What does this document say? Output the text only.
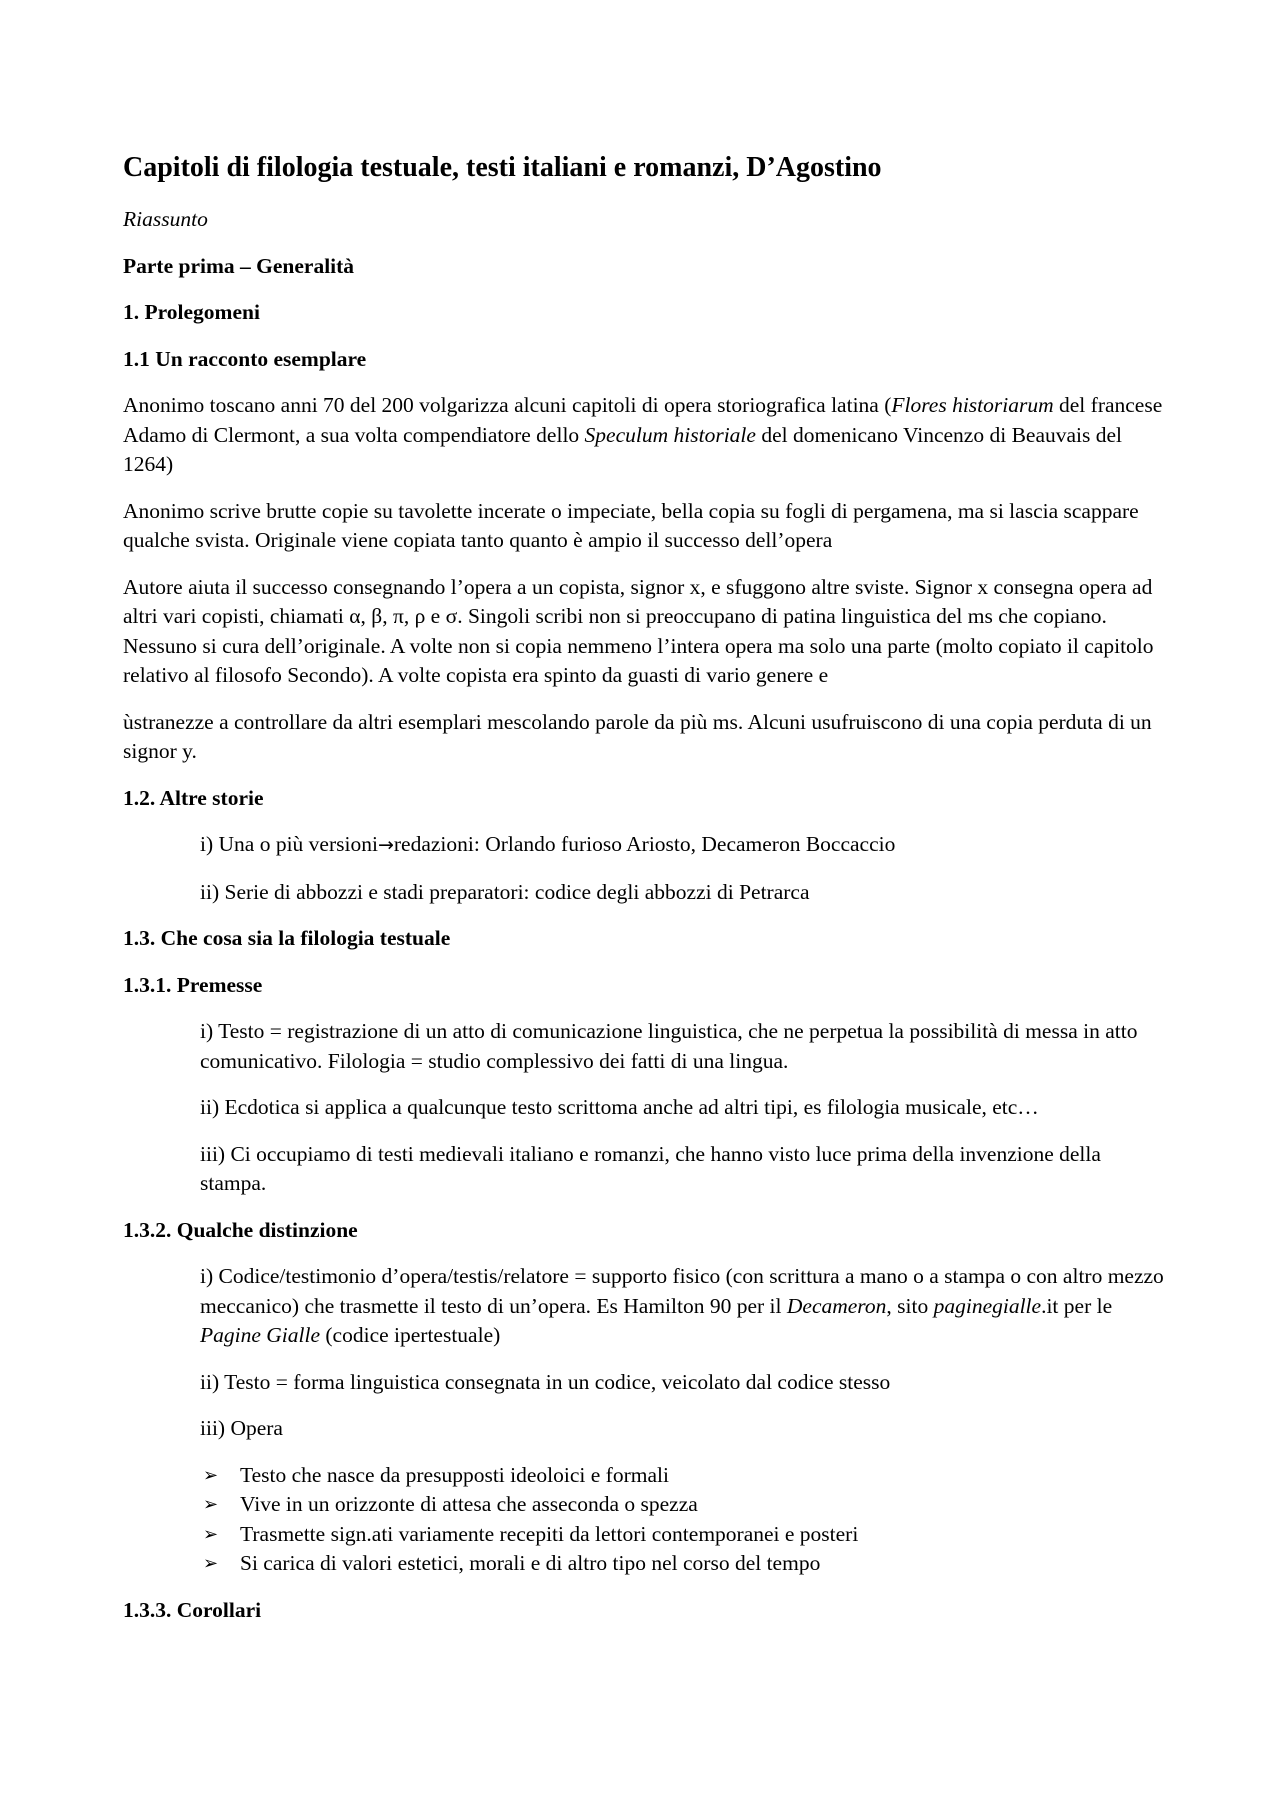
Capitoli di filologia testuale, testi italiani e romanzi, D’Agostino
Riassunto
Parte prima – Generalità
1. Prolegomeni
1.1 Un racconto esemplare

Anonimo toscano anni 70 del 200 volgarizza alcuni capitoli di opera storiografica latina (Flores historiarum del francese Adamo di Clermont, a sua volta compendiatore dello Speculum historiale del domenicano Vincenzo di Beauvais del 1264)

Anonimo scrive brutte copie su tavolette incerate o impeciate, bella copia su fogli di pergamena, ma si lascia scappare qualche svista. Originale viene copiata tanto quanto è ampio il successo dell’opera

Autore aiuta il successo consegnando l’opera a un copista, signor x, e sfuggono altre sviste. Signor x consegna opera ad altri vari copisti, chiamati α, β, π, ρ e σ. Singoli scribi non si preoccupano di patina linguistica del ms che copiano. Nessuno si cura dell’originale. A volte non si copia nemmeno l’intera opera ma solo una parte (molto copiato il capitolo relativo al filosofo Secondo). A volte copista era spinto da guasti di vario genere e

ùstranezze a controllare da altri esemplari mescolando parole da più ms. Alcuni usufruiscono di una copia perduta di un signor y.

1.2. Altre storie

i) Una o più versioni→redazioni: Orlando furioso Ariosto, Decameron Boccaccio

ii) Serie di abbozzi e stadi preparatori: codice degli abbozzi di Petrarca

1.3. Che cosa sia la filologia testuale
1.3.1. Premesse

i) Testo = registrazione di un atto di comunicazione linguistica, che ne perpetua la possibilità di messa in atto comunicativo. Filologia = studio complessivo dei fatti di una lingua.

ii) Ecdotica si applica a qualcunque testo scrittoma anche ad altri tipi, es filologia musicale, etc…

iii) Ci occupiamo di testi medievali italiano e romanzi, che hanno visto luce prima della invenzione della stampa.

1.3.2. Qualche distinzione

i) Codice/testimonio d’opera/testis/relatore = supporto fisico (con scrittura a mano o a stampa o con altro mezzo meccanico) che trasmette il testo di un’opera. Es Hamilton 90 per il Decameron, sito paginegialle.it per le Pagine Gialle (codice ipertestuale)

ii) Testo = forma linguistica consegnata in un codice, veicolato dal codice stesso

iii) Opera

➢ Testo che nasce da presupposti ideoloici e formali
➢ Vive in un orizzonte di attesa che asseconda o spezza
➢ Trasmette sign.ati variamente recepiti da lettori contemporanei e posteri
➢ Si carica di valori estetici, morali e di altro tipo nel corso del tempo
1.3.3. Corollari
